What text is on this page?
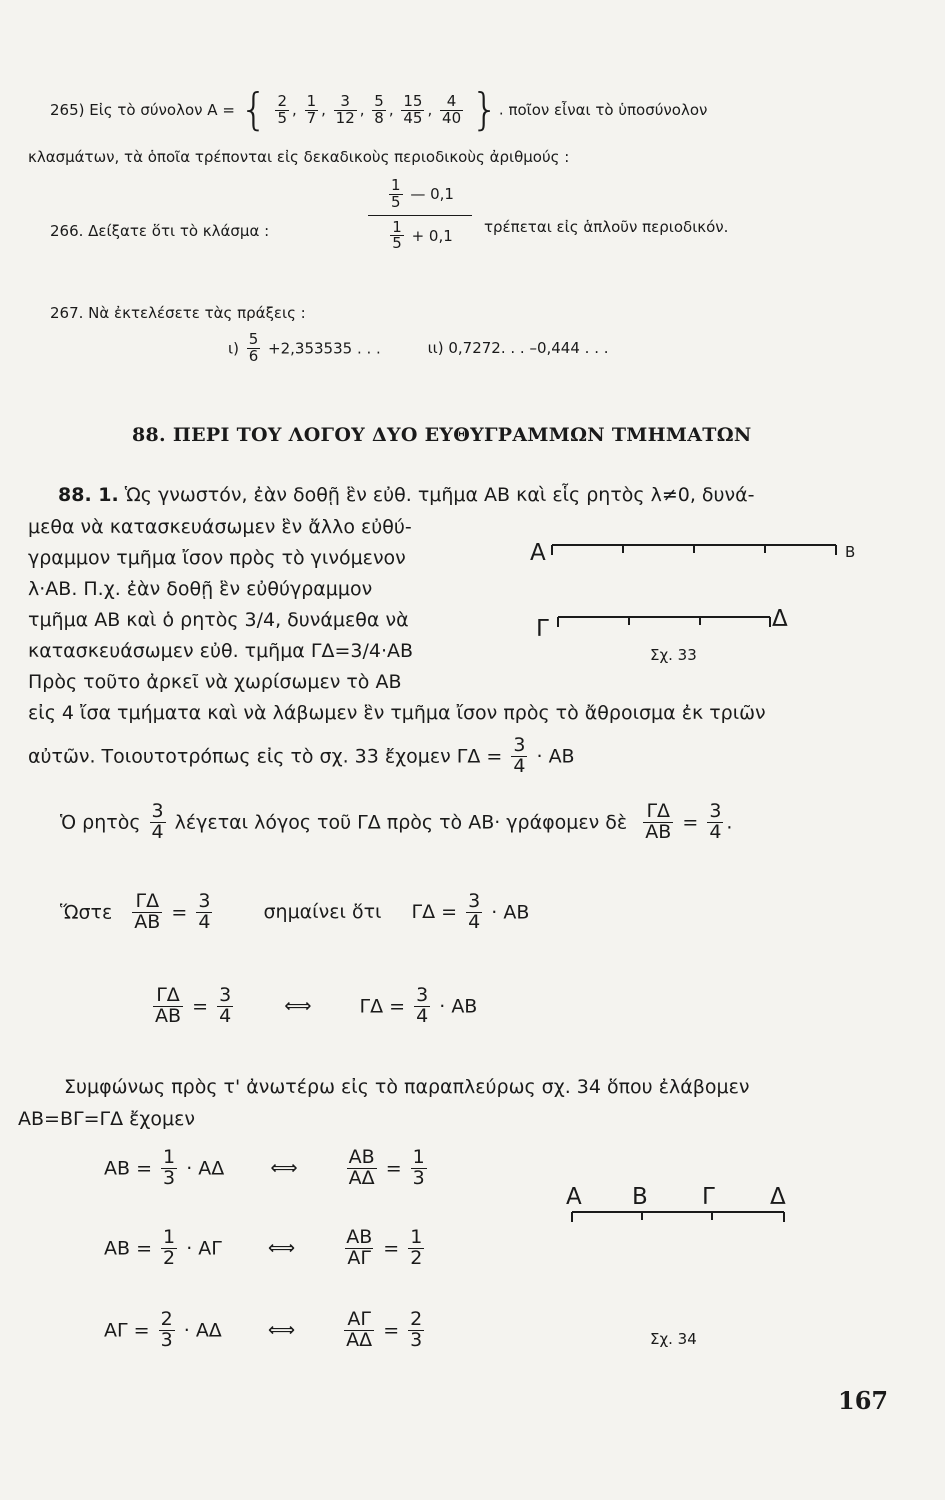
265) Εἰς τὸ σύνολον A = { $\frac{2}{5}$ , $\frac{1}{7}$ , $\frac{3}{12}$ , $\frac{5}{8}$ , $\frac{15}{45}$ , $\frac{4}{40}$ }. ποῖον εἶναι τὸ ὑποσύνολον
κλασμάτων, τὰ ὁποῖα τρέπονται εἰς δεκαδικοὺς περιοδικοὺς ἀριθμούς :
266. Δείξατε ὅτι τὸ κλάσμα :
$\frac{1}{5}$ — 0,1
$\frac{1}{5} + 0,1$	τρέπεται εἰς ἁπλοῦν περιοδικόν.
267. Νὰ ἐκτελέσετε τὰς πράξεις :
$\iota) \frac{5}{6} +2,353535$ . . .	ιι) 0,7272. . . –0,444 . . .
88. ΠΕΡΙ ΤΟΥ ΛΟΓΟΥ ΔΥΟ ΕΥΘΥΓΡΑΜΜΩΝ ΤΜΗΜΑΤΩΝ
88. 1. Ὡς γνωστόν, ἐὰν δοθῇ ἓν εὐθ. τμῆμα AB καὶ εἷς ρητὸς λ≠0, δυνά-
μεθα νὰ κατασκευάσωμεν ἓν ἄλλο εὐθύ-
γραμμον τμῆμα ἴσον πρὸς τὸ γινόμενον
λ·AB. Π.χ. ἐὰν δοθῇ ἓν εὐθύγραμμον
τμῆμα AB καὶ ὁ ρητὸς 3/4, δυνάμεθα νὰ
κατασκευάσωμεν εὐθ. τμῆμα ΓΔ=3/4·AB
Πρὸς τοῦτο ἀρκεῖ νὰ χωρίσωμεν τὸ AB
εἰς 4 ἴσα τμήματα καὶ νὰ λάβωμεν ἓν τμῆμα ἴσον πρὸς τὸ ἄθροισμα ἐκ τριῶν
αὐτῶν. Τοιουτοτρόπως εἰς τὸ σχ. 33 ἔχομεν $\Gamma\Delta = \frac{3}{4}$ · AB
A	B
Γ	Δ
Σχ. 33
Ὁ ρητὸς $\frac{3}{4}$ λέγεται λόγος τοῦ ΓΔ πρὸς τὸ AB· γράφομεν δὲ $\frac{\Gamma\Delta}{AB} = \frac{3}{4}$ .
Ὥστε $\frac{\Gamma\Delta}{AB} = \frac{3}{4}$	σημαίνει ὅτι $\Gamma\Delta = \frac{3}{4}$ · AB
$\frac{\Gamma\Delta}{AB} = \frac{3}{4}$	⟺	$\Gamma\Delta = \frac{3}{4}$ · AB
Συμφώνως πρὸς τ' ἀνωτέρω εἰς τὸ παραπλεύρως σχ. 34 ὅπου ἐλάβομεν
AB=BΓ=ΓΔ ἔχομεν
AB = $\frac{1}{3} \cdot A\Delta$ ⟺	$\frac{AB}{A\Delta} = \frac{1}{3}$
AB = $\frac{1}{2} \cdot A\Gamma$ ⟺	$\frac{AB}{A\Gamma} = \frac{1}{2}$
$A\Gamma = \frac{2}{3} \cdot A\Delta$ ⟺	$\frac{A\Gamma}{A\Delta} = \frac{2}{3}$
A B Γ Δ
Σχ. 34
167
